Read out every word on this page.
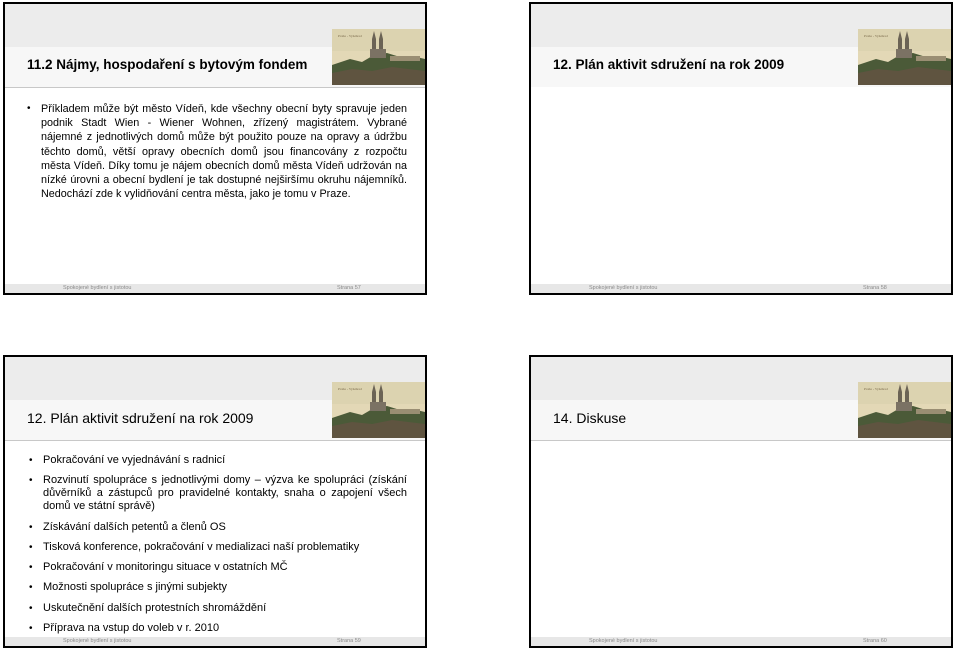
Praha - Vyšehrad
11.2 Nájmy, hospodaření s bytovým fondem
• Příkladem může být město Vídeň, kde všechny obecní byty spravuje jeden podnik Stadt Wien - Wiener Wohnen, zřízený magistrátem. Vybrané nájemné z jednotlivých domů může být použito pouze na opravy a údržbu těchto domů, větší opravy obecních domů jsou financovány z rozpočtu města Vídeň. Díky tomu je nájem obecních domů města Vídeň udržován na nízké úrovni a obecní bydlení je tak dostupné nejširšímu okruhu nájemníků. Nedochází zde k vylidňování centra města, jako je tomu v Praze.
Spokojené bydlení s jistotou	Strana 57
Praha - Vyšehrad
12. Plán aktivit sdružení na rok 2009
Spokojené bydlení s jistotou	Strana 58
Praha - Vyšehrad
12. Plán aktivit sdružení na rok 2009
• Pokračování ve vyjednávání s radnicí
• Rozvinutí spolupráce s jednotlivými domy – výzva ke spolupráci (získání důvěrníků a zástupců pro pravidelné kontakty, snaha o zapojení všech domů ve státní správě)
• Získávání dalších petentů a členů OS
• Tisková konference, pokračování v medializaci naší problematiky
• Pokračování v monitoringu situace v ostatních MČ
• Možnosti spolupráce s jinými subjekty
• Uskutečnění dalších protestních shromáždění
• Příprava na vstup do voleb v r. 2010
Spokojené bydlení s jistotou	Strana 59
Praha - Vyšehrad
14. Diskuse
Spokojené bydlení s jistotou	Strana 60
